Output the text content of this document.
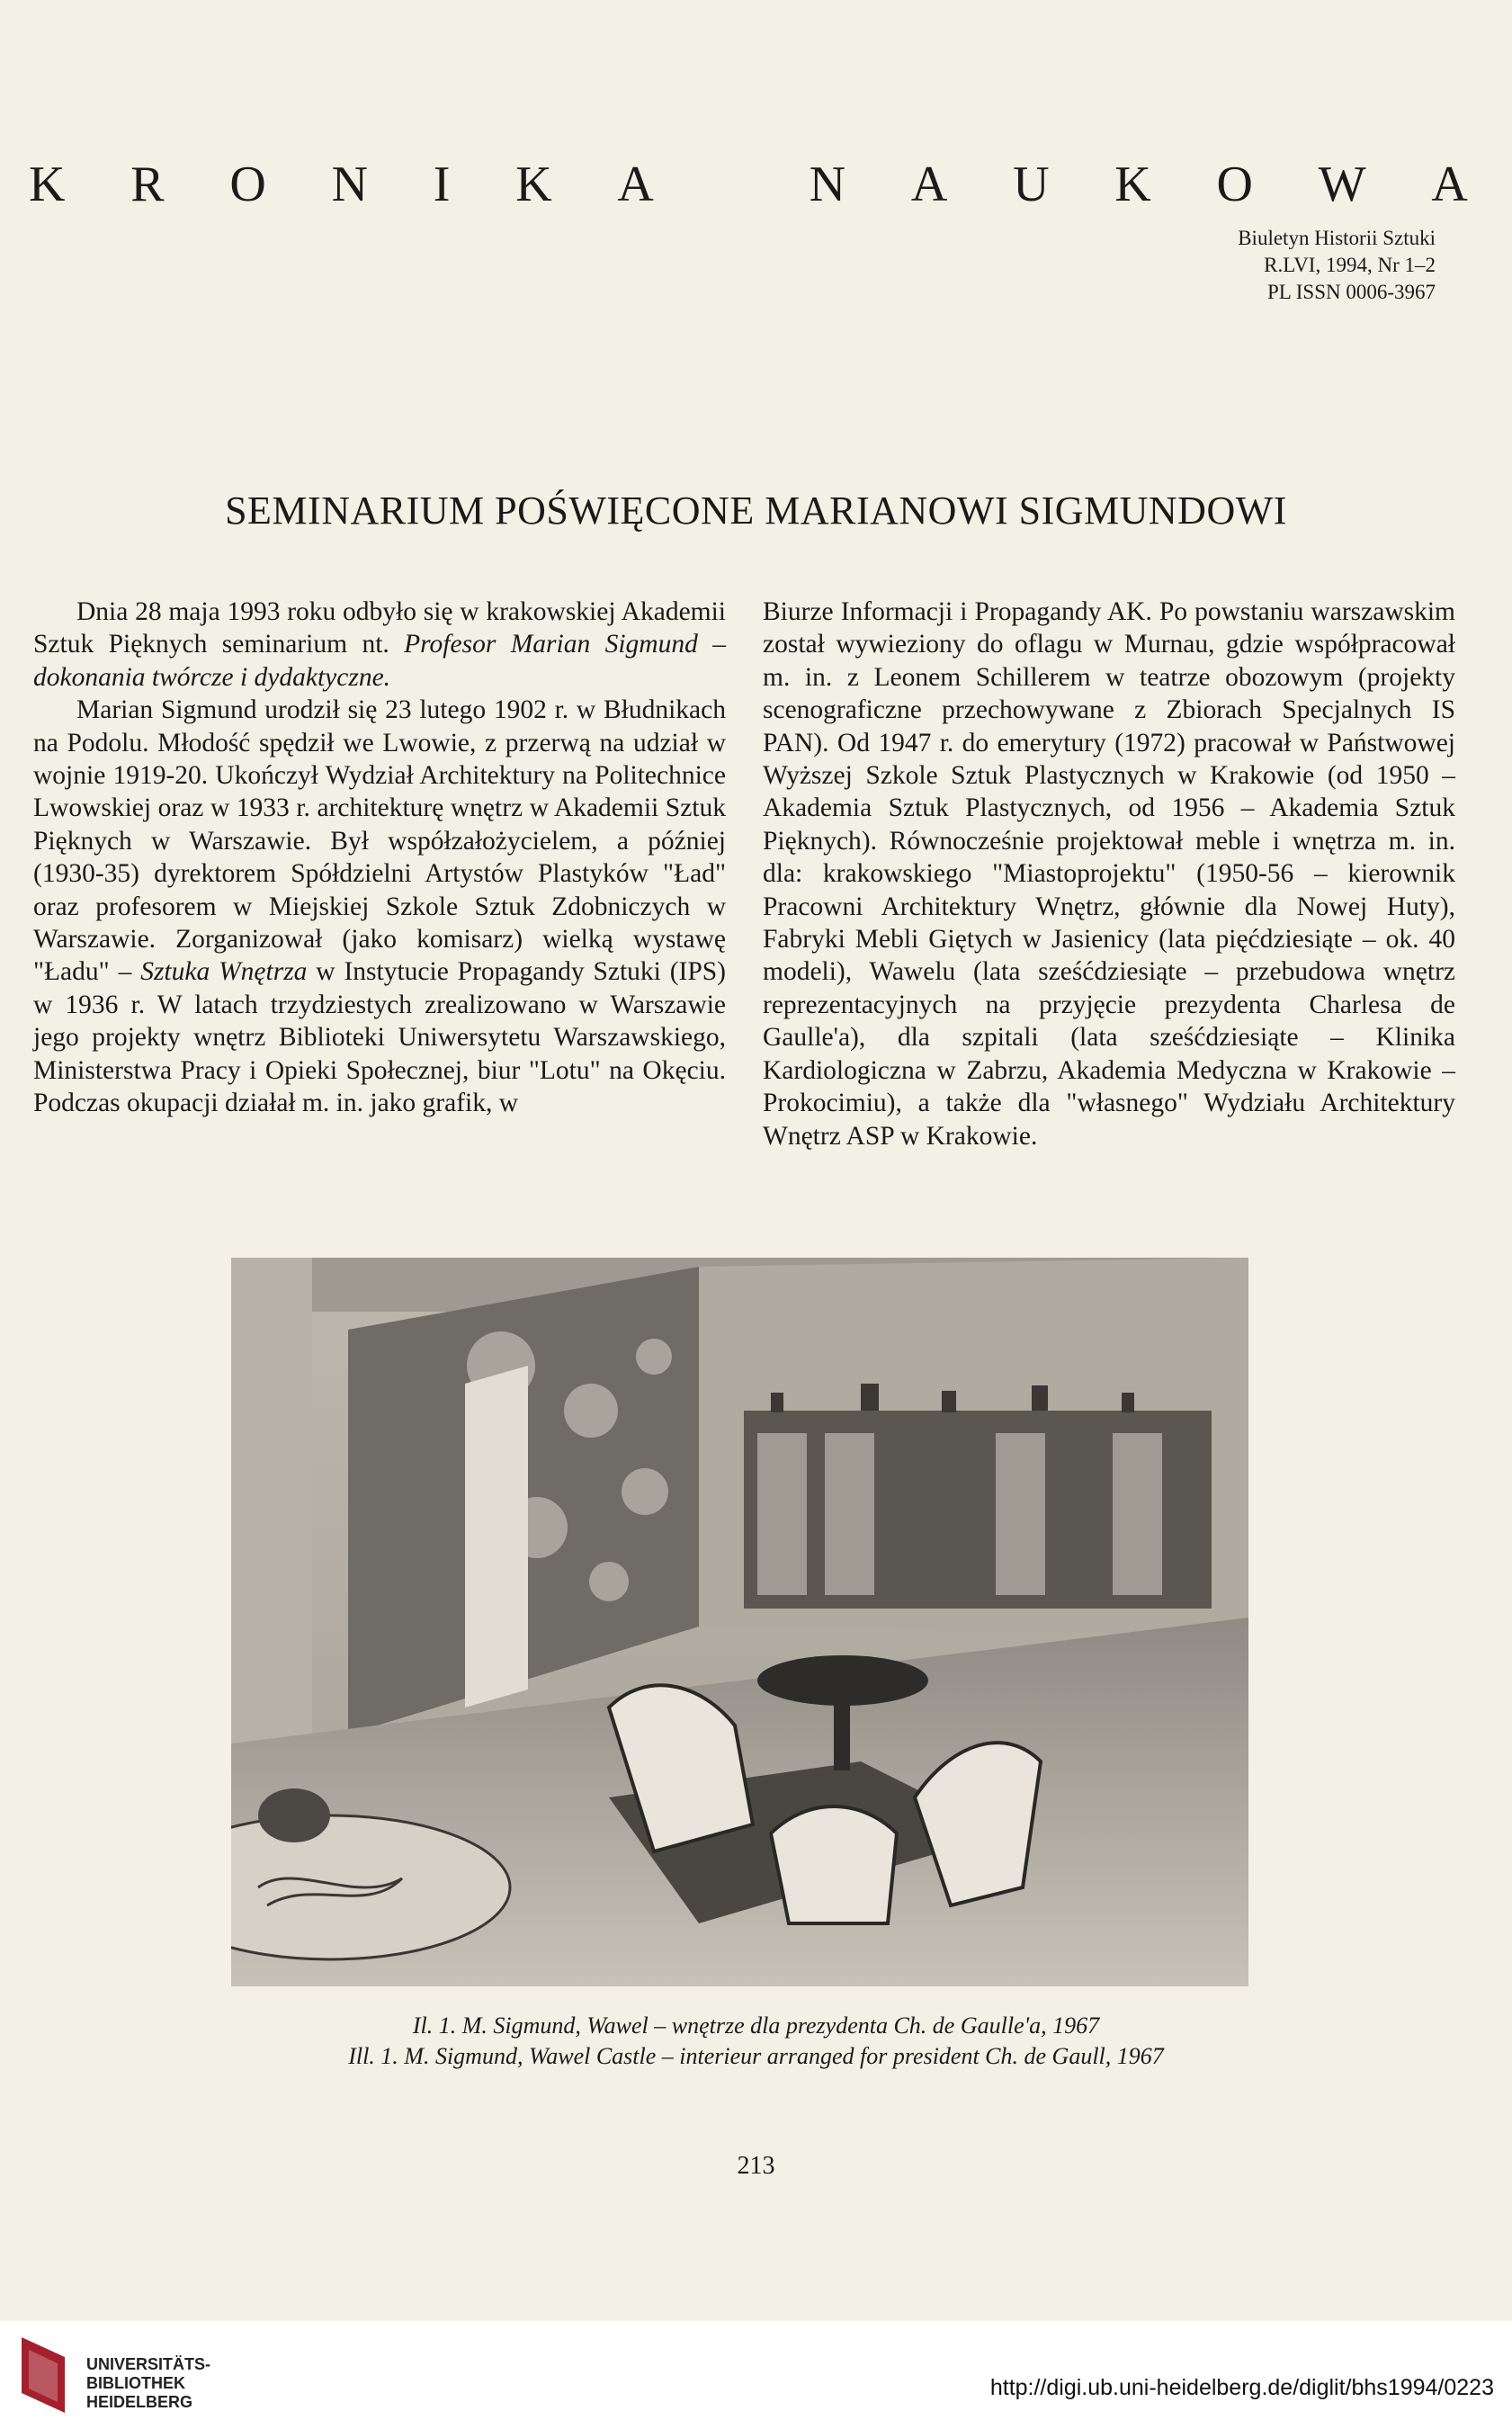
K R O N I K A	N A U K O W A
Biuletyn Historii Sztuki
R.LVI, 1994, Nr 1–2
PL ISSN 0006-3967
SEMINARIUM POŚWIĘCONE MARIANOWI SIGMUNDOWI

Dnia 28 maja 1993 roku odbyło się w krakowskiej Akademii Sztuk Pięknych seminarium nt. Profesor Marian Sigmund – dokonania twórcze i dydaktyczne.

Marian Sigmund urodził się 23 lutego 1902 r. w Błudnikach na Podolu. Młodość spędził we Lwowie, z przerwą na udział w wojnie 1919-20. Ukończył Wydział Architektury na Politechnice Lwowskiej oraz w 1933 r. architekturę wnętrz w Akademii Sztuk Pięknych w Warszawie. Był współzałożycielem, a później (1930-35) dyrektorem Spółdzielni Artystów Plastyków "Ład" oraz profesorem w Miejskiej Szkole Sztuk Zdobniczych w Warszawie. Zorganizował (jako komisarz) wielką wystawę "Ładu" – Sztuka Wnętrza w Instytucie Propagandy Sztuki (IPS) w 1936 r. W latach trzydziestych zrealizowano w Warszawie jego projekty wnętrz Biblioteki Uniwersytetu Warszawskiego, Ministerstwa Pracy i Opieki Społecznej, biur "Lotu" na Okęciu. Podczas okupacji działał m. in. jako grafik, w

Biurze Informacji i Propagandy AK. Po powstaniu warszawskim został wywieziony do oflagu w Murnau, gdzie współpracował m. in. z Leonem Schillerem w teatrze obozowym (projekty scenograficzne przechowywane z Zbiorach Specjalnych IS PAN). Od 1947 r. do emerytury (1972) pracował w Państwowej Wyższej Szkole Sztuk Plastycznych w Krakowie (od 1950 – Akademia Sztuk Plastycznych, od 1956 – Akademia Sztuk Pięknych). Równocześnie projektował meble i wnętrza m. in. dla: krakowskiego "Miastoprojektu" (1950-56 – kierownik Pracowni Architektury Wnętrz, głównie dla Nowej Huty), Fabryki Mebli Giętych w Jasienicy (lata pięćdziesiąte – ok. 40 modeli), Wawelu (lata sześćdziesiąte – przebudowa wnętrz reprezentacyjnych na przyjęcie prezydenta Charlesa de Gaulle'a), dla szpitali (lata sześćdziesiąte – Klinika Kardiologiczna w Zabrzu, Akademia Medyczna w Krakowie – Prokocimiu), a także dla "własnego" Wydziału Architektury Wnętrz ASP w Krakowie.

Il. 1. M. Sigmund, Wawel – wnętrze dla prezydenta Ch. de Gaulle'a, 1967
Ill. 1. M. Sigmund, Wawel Castle – interieur arranged for president Ch. de Gaull, 1967
213
UNIVERSITÄTS-
BIBLIOTHEK
HEIDELBERG
http://digi.ub.uni-heidelberg.de/diglit/bhs1994/0223
